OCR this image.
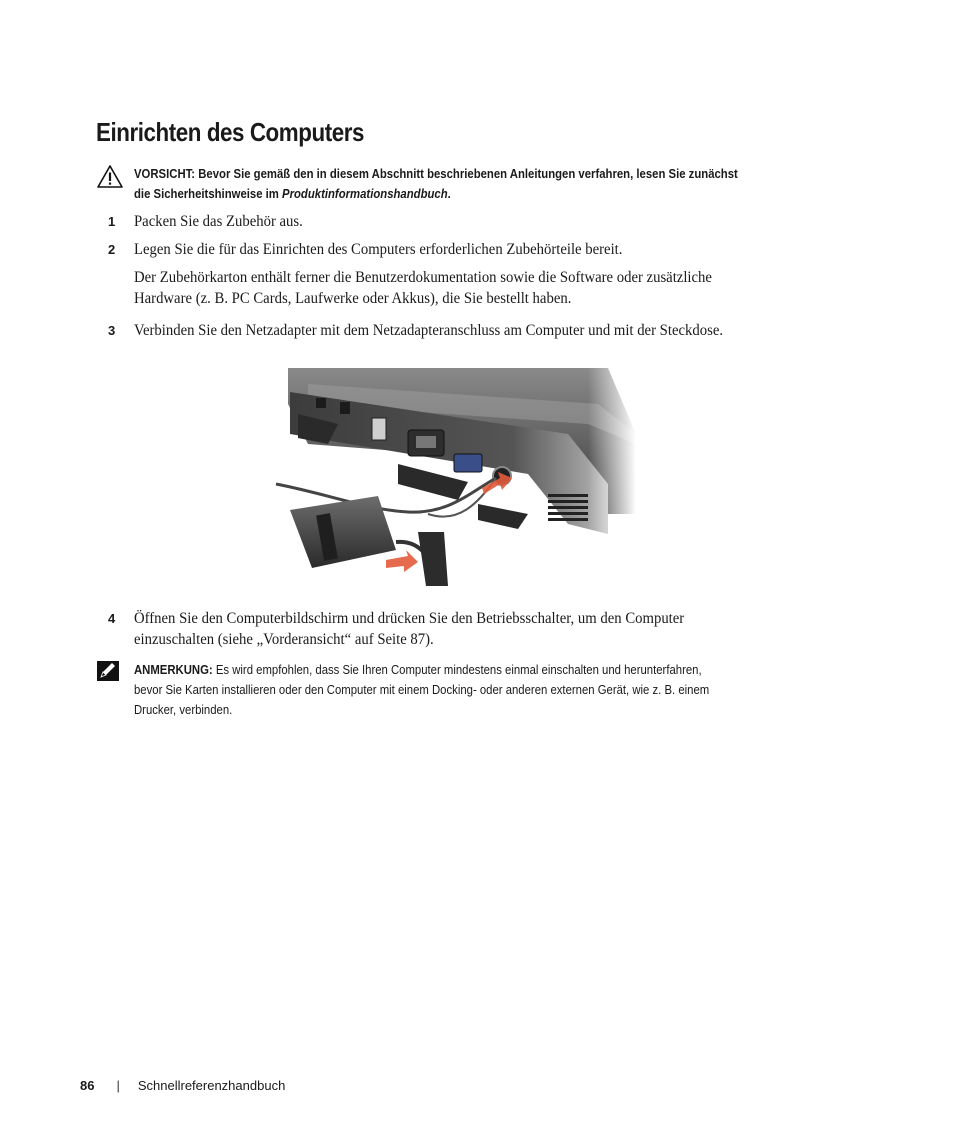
Einrichten des Computers
VORSICHT: Bevor Sie gemäß den in diesem Abschnitt beschriebenen Anleitungen verfahren, lesen Sie zunächst
die Sicherheitshinweise im Produktinformationshandbuch.
1 Packen Sie das Zubehör aus.
2 Legen Sie die für das Einrichten des Computers erforderlichen Zubehörteile bereit.
Der Zubehörkarton enthält ferner die Benutzerdokumentation sowie die Software oder zusätzliche
Hardware (z. B. PC Cards, Laufwerke oder Akkus), die Sie bestellt haben.
3 Verbinden Sie den Netzadapter mit dem Netzadapteranschluss am Computer und mit der Steckdose.
4 Öffnen Sie den Computerbildschirm und drücken Sie den Betriebsschalter, um den Computer
einzuschalten (siehe „Vorderansicht“ auf Seite 87).
ANMERKUNG: Es wird empfohlen, dass Sie Ihren Computer mindestens einmal einschalten und herunterfahren,
bevor Sie Karten installieren oder den Computer mit einem Docking- oder anderen externen Gerät, wie z. B. einem
Drucker, verbinden.
86 | Schnellreferenzhandbuch
